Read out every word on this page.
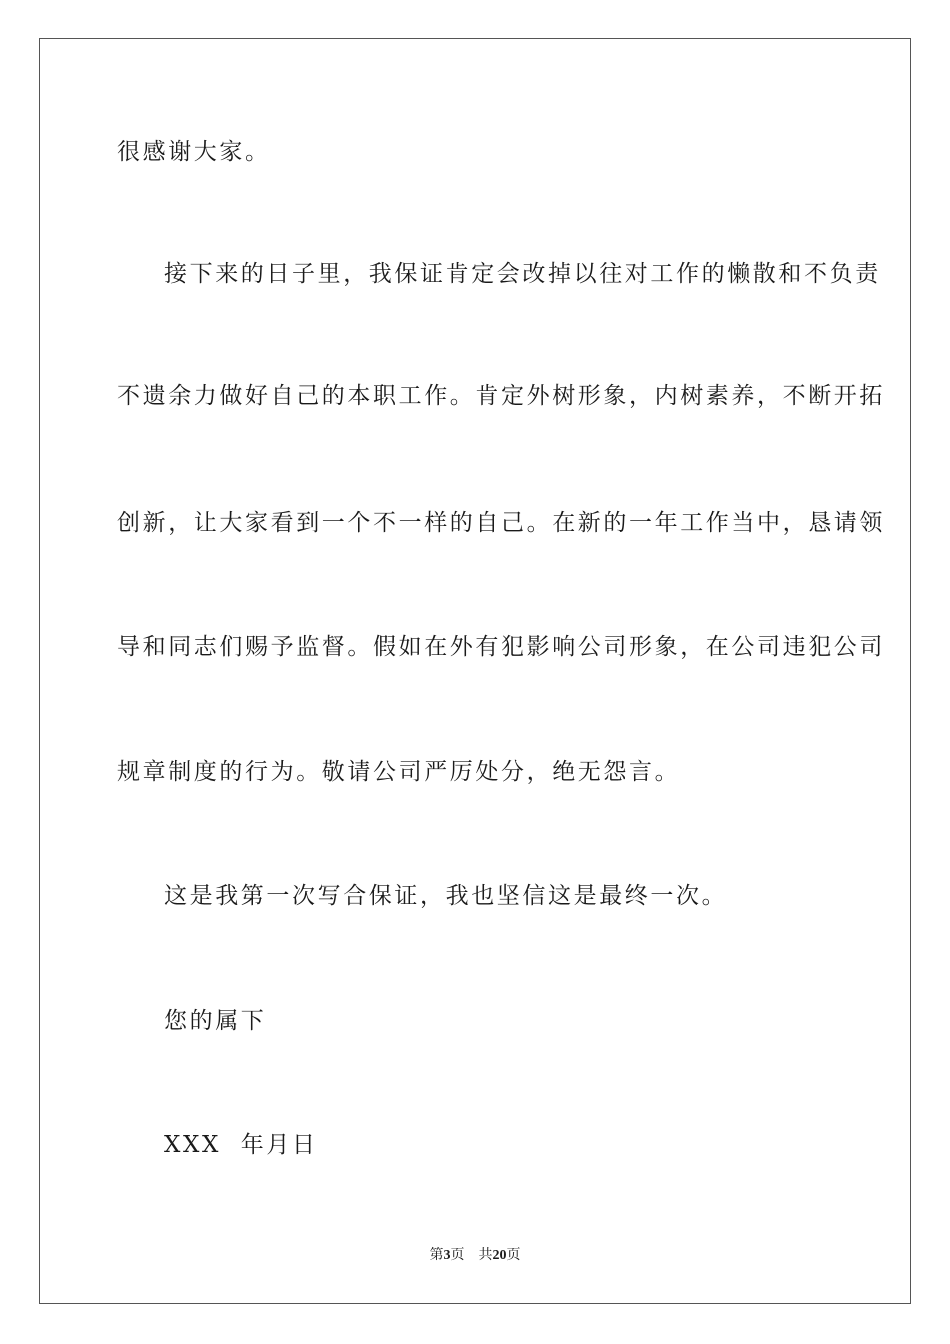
很感谢大家。
接下来的日子里，我保证肯定会改掉以往对工作的懒散和不负责
不遗余力做好自己的本职工作。肯定外树形象，内树素养，不断开拓
创新，让大家看到一个不一样的自己。在新的一年工作当中，恳请领
导和同志们赐予监督。假如在外有犯影响公司形象，在公司违犯公司
规章制度的行为。敬请公司严厉处分，绝无怨言。
这是我第一次写合保证，我也坚信这是最终一次。
您的属下
XXX  年月日
第3页 共20页
